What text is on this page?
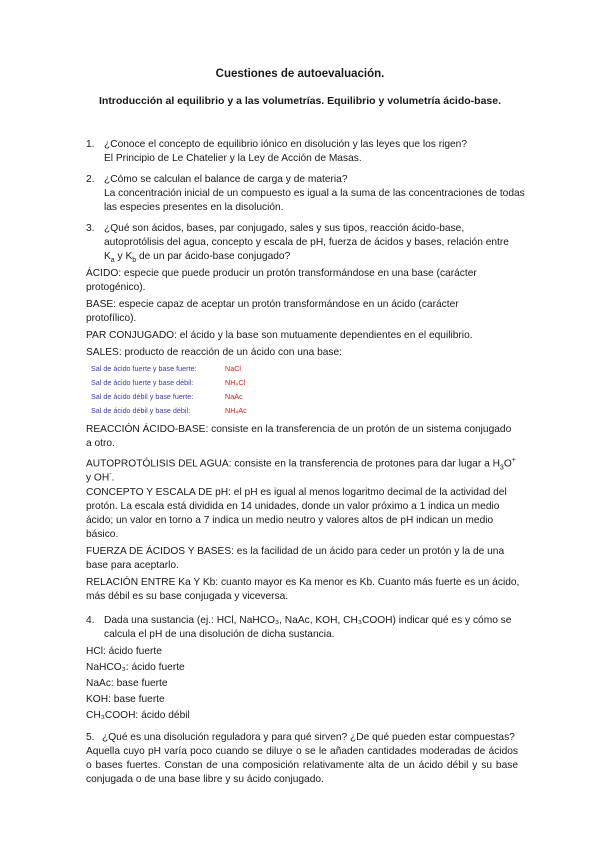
Cuestiones de autoevaluación.
Introducción al equilibrio y a las volumetrías. Equilibrio y volumetría ácido-base.
1. ¿Conoce el concepto de equilibrio iónico en disolución y las leyes que los rigen?
El Principio de Le Chatelier y la Ley de Acción de Masas.
2. ¿Cómo se calculan el balance de carga y de materia?
La concentración inicial de un compuesto es igual a la suma de las concentraciones de todas
las especies presentes en la disolución.
3. ¿Qué son ácidos, bases, par conjugado, sales y sus tipos, reacción ácido-base,
autoprotólisis del agua, concepto y escala de pH, fuerza de ácidos y bases, relación entre
$K_a$ y $K_b$ de un par ácido-base conjugado?
ÁCIDO: especie que puede producir un protón transformándose en una base (carácter
protogénico).
BASE: especie capaz de aceptar un protón transformándose en un ácido (carácter
protofílico).
PAR CONJUGADO: el ácido y la base son mutuamente dependientes en el equilibrio.
SALES: producto de reacción de un ácido con una base:
Sal de ácido fuerte y base fuerte:	NaCl
Sal de ácido fuerte y base débil:	NH₄Cl
Sal de ácido débil y base fuerte:	NaAc
Sal de ácido débil y base débil:	NH₄Ac
REACCIÓN ÁCIDO-BASE: consiste en la transferencia de un protón de un sistema conjugado
a otro.
AUTOPROTÓLISIS DEL AGUA: consiste en la transferencia de protones para dar lugar a $H_3O^+$
y OH-.
CONCEPTO Y ESCALA DE pH: el pH es igual al menos logaritmo decimal de la actividad del
protón. La escala está dividida en 14 unidades, donde un valor próximo a 1 indica un medio
ácido; un valor en torno a 7 indica un medio neutro y valores altos de pH indican un medio
básico.
FUERZA DE ÁCIDOS Y BASES: es la facilidad de un ácido para ceder un protón y la de una
base para aceptarlo.
RELACIÓN ENTRE Ka Y Kb: cuanto mayor es Ka menor es Kb. Cuanto más fuerte es un ácido,
más débil es su base conjugada y viceversa.
4. Dada una sustancia (ej.: HCl, NaHCO₃, NaAc, KOH, CH₃COOH) indicar qué es y cómo se
calcula el pH de una disolución de dicha sustancia.
HCl: ácido fuerte
NaHCO₃: ácido fuerte
NaAc: base fuerte
KOH: base fuerte
CH₃COOH: ácido débil
5. ¿Qué es una disolución reguladora y para qué sirven? ¿De qué pueden estar compuestas?
Aquella cuyo pH varía poco cuando se diluye o se le añaden cantidades moderadas de ácidos o bases fuertes. Constan de una composición relativamente alta de un ácido débil y su base conjugada o de una base libre y su ácido conjugado.
